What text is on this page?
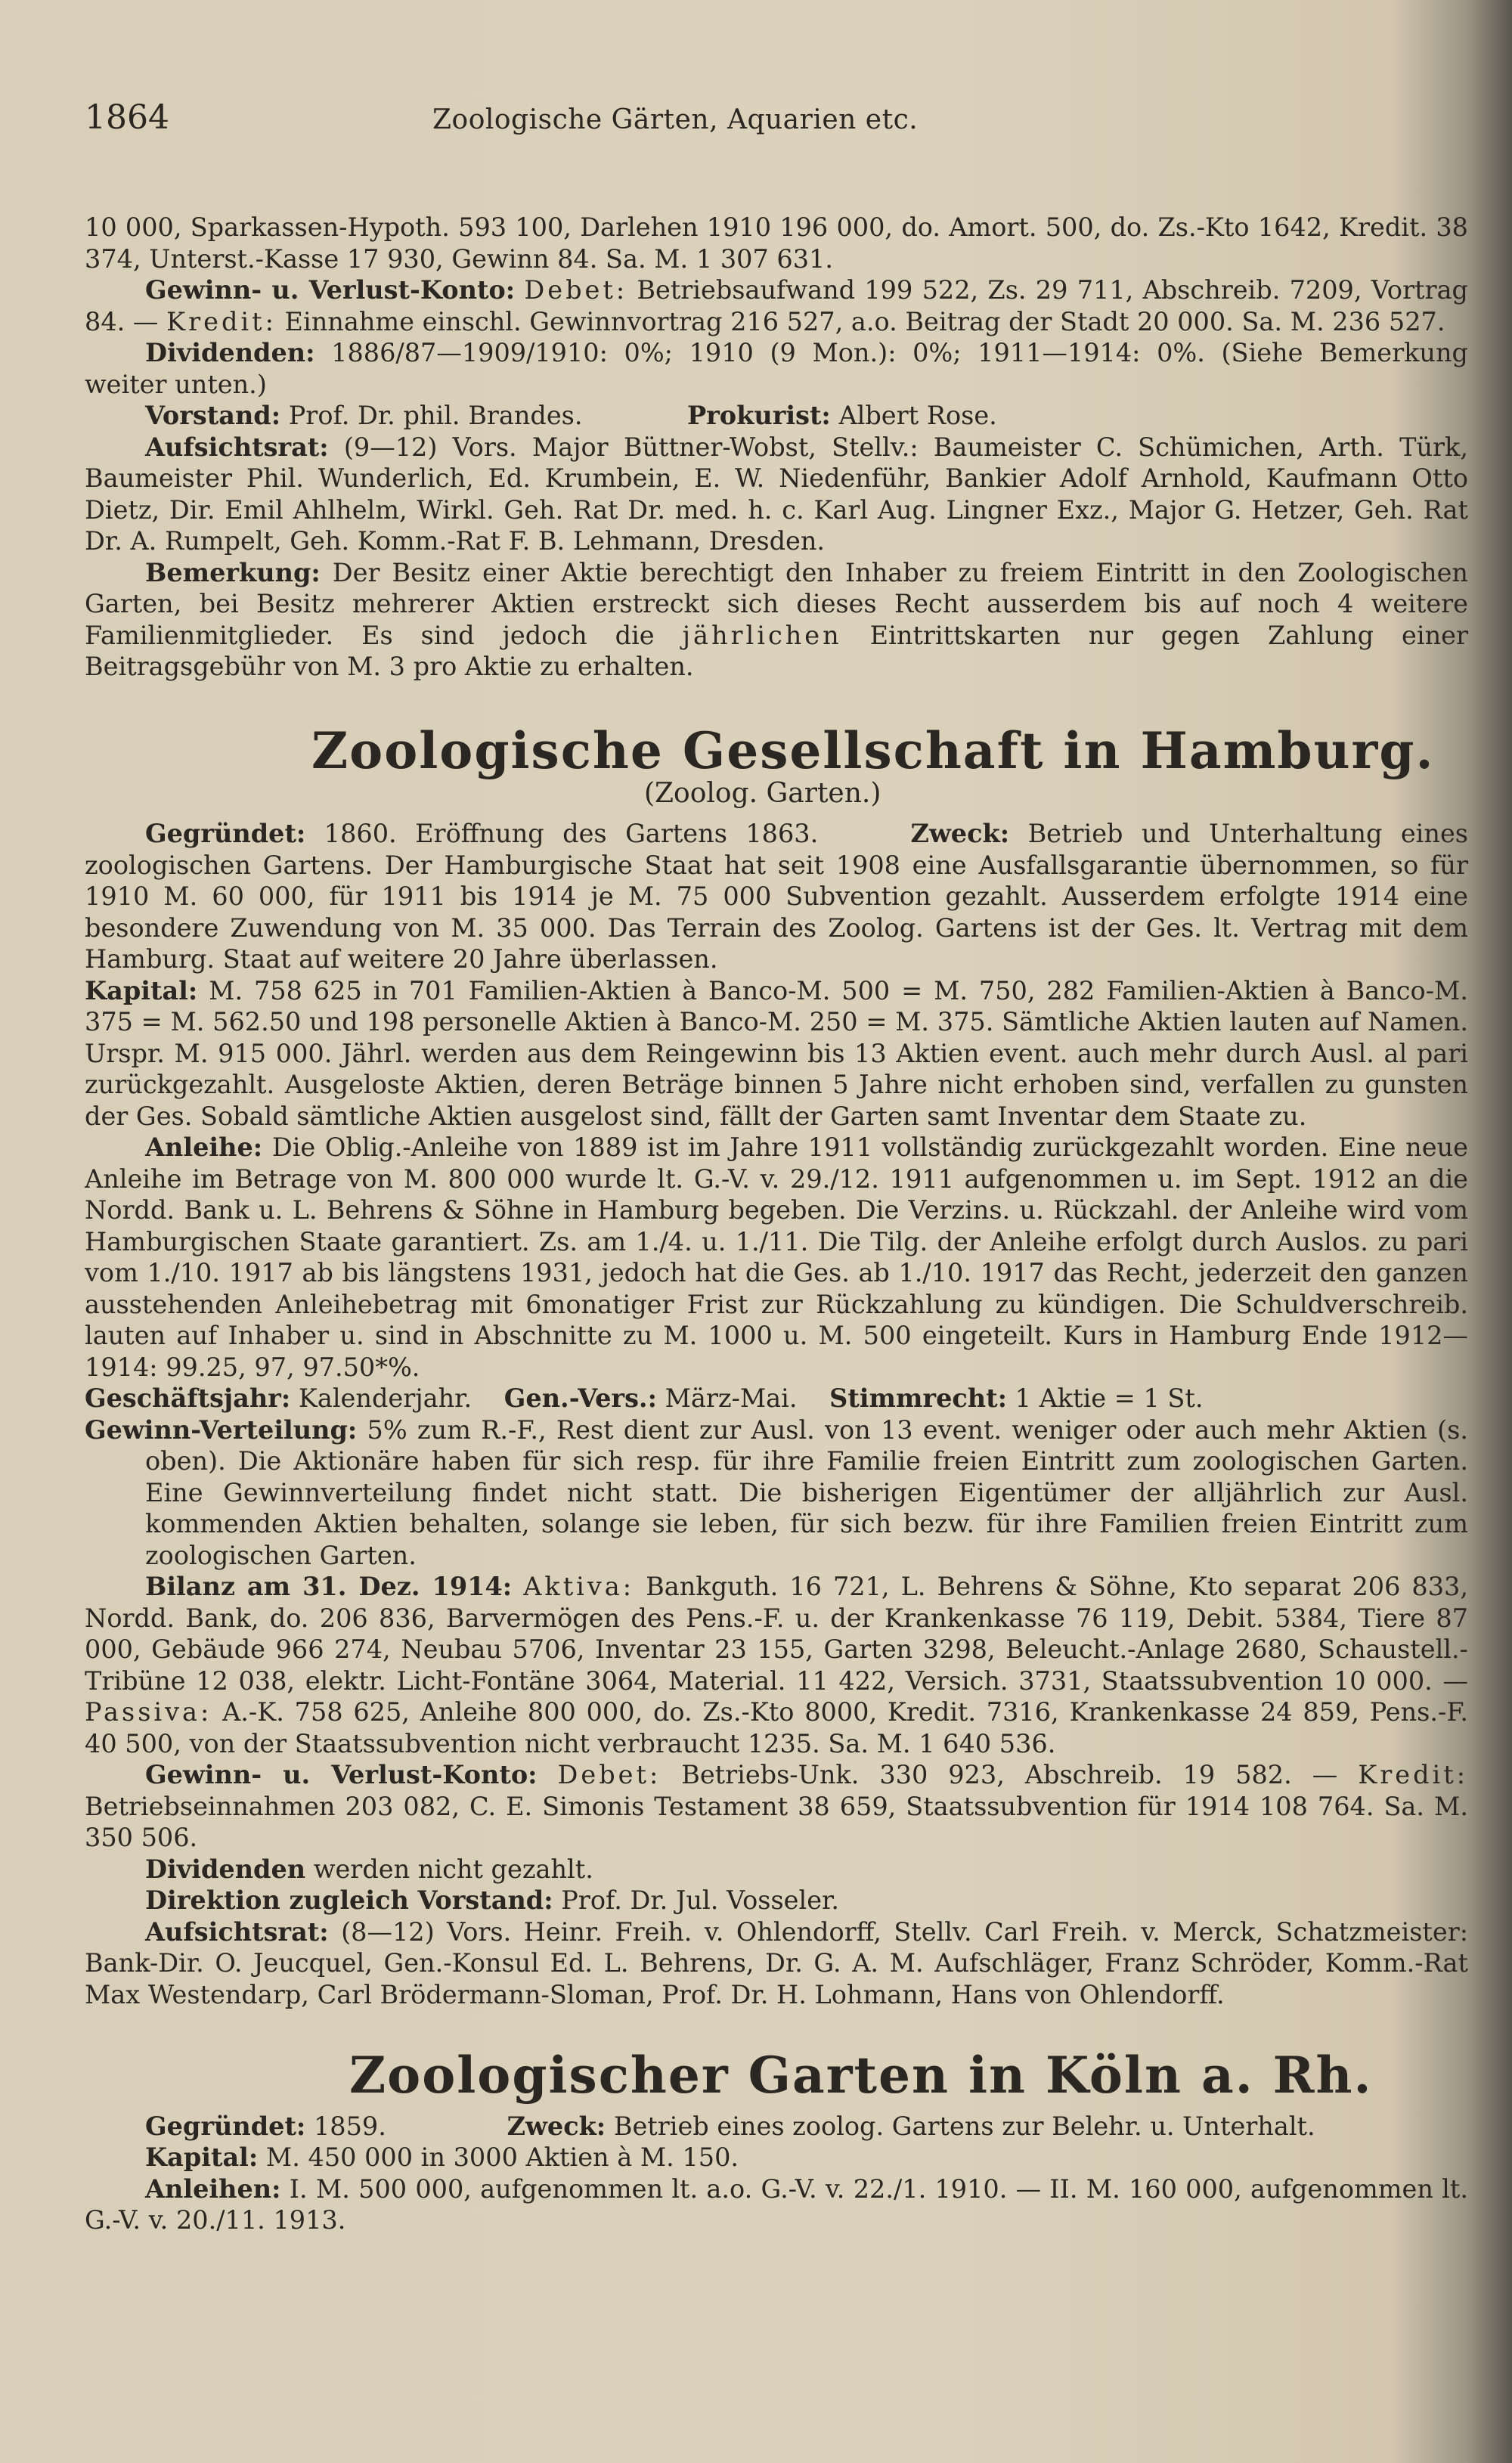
1864	Zoologische Gärten, Aquarien etc.

10 000, Sparkassen-Hypoth. 593 100, Darlehen 1910 196 000, do. Amort. 500, do. Zs.-Kto 1642, Kredit. 38 374, Unterst.-Kasse 17 930, Gewinn 84. Sa. M. 1 307 631.

Gewinn- u. Verlust-Konto: Debet: Betriebsaufwand 199 522, Zs. 29 711, Abschreib. 7209, Vortrag 84. — Kredit: Einnahme einschl. Gewinnvortrag 216 527, a.o. Beitrag der Stadt 20 000. Sa. M. 236 527.

Dividenden: 1886/87—1909/1910: 0%; 1910 (9 Mon.): 0%; 1911—1914: 0%. (Siehe Bemerkung weiter unten.)

Vorstand: Prof. Dr. phil. Brandes.	Prokurist: Albert Rose.

Aufsichtsrat: (9—12) Vors. Major Büttner-Wobst, Stellv.: Baumeister C. Schümichen, Arth. Türk, Baumeister Phil. Wunderlich, Ed. Krumbein, E. W. Niedenführ, Bankier Adolf Arnhold, Kaufmann Otto Dietz, Dir. Emil Ahlhelm, Wirkl. Geh. Rat Dr. med. h. c. Karl Aug. Lingner Exz., Major G. Hetzer, Geh. Rat Dr. A. Rumpelt, Geh. Komm.-Rat F. B. Lehmann, Dresden.

Bemerkung: Der Besitz einer Aktie berechtigt den Inhaber zu freiem Eintritt in den Zoologischen Garten, bei Besitz mehrerer Aktien erstreckt sich dieses Recht ausserdem bis auf noch 4 weitere Familienmitglieder. Es sind jedoch die jährlichen Eintrittskarten nur gegen Zahlung einer Beitragsgebühr von M. 3 pro Aktie zu erhalten.

Zoologische Gesellschaft in Hamburg.
(Zoolog. Garten.)

Gegründet: 1860. Eröffnung des Gartens 1863.	Zweck: Betrieb und Unterhaltung eines zoologischen Gartens. Der Hamburgische Staat hat seit 1908 eine Ausfallsgarantie übernommen, so für 1910 M. 60 000, für 1911 bis 1914 je M. 75 000 Subvention gezahlt. Ausserdem erfolgte 1914 eine besondere Zuwendung von M. 35 000. Das Terrain des Zoolog. Gartens ist der Ges. lt. Vertrag mit dem Hamburg. Staat auf weitere 20 Jahre überlassen.

Kapital: M. 758 625 in 701 Familien-Aktien à Banco-M. 500 = M. 750, 282 Familien-Aktien à Banco-M. 375 = M. 562.50 und 198 personelle Aktien à Banco-M. 250 = M. 375. Sämtliche Aktien lauten auf Namen. Urspr. M. 915 000. Jährl. werden aus dem Reingewinn bis 13 Aktien event. auch mehr durch Ausl. al pari zurückgezahlt. Ausgeloste Aktien, deren Beträge binnen 5 Jahre nicht erhoben sind, verfallen zu gunsten der Ges. Sobald sämtliche Aktien ausgelost sind, fällt der Garten samt Inventar dem Staate zu.

Anleihe: Die Oblig.-Anleihe von 1889 ist im Jahre 1911 vollständig zurückgezahlt worden. Eine neue Anleihe im Betrage von M. 800 000 wurde lt. G.-V. v. 29./12. 1911 aufgenommen u. im Sept. 1912 an die Nordd. Bank u. L. Behrens & Söhne in Hamburg begeben. Die Verzins. u. Rückzahl. der Anleihe wird vom Hamburgischen Staate garantiert. Zs. am 1./4. u. 1./11. Die Tilg. der Anleihe erfolgt durch Auslos. zu pari vom 1./10. 1917 ab bis längstens 1931, jedoch hat die Ges. ab 1./10. 1917 das Recht, jederzeit den ganzen ausstehenden Anleihebetrag mit 6monatiger Frist zur Rückzahlung zu kündigen. Die Schuldverschreib. lauten auf Inhaber u. sind in Abschnitte zu M. 1000 u. M. 500 eingeteilt. Kurs in Hamburg Ende 1912—1914: 99.25, 97, 97.50*%.

Geschäftsjahr: Kalenderjahr. Gen.-Vers.: März-Mai. Stimmrecht: 1 Aktie = 1 St.

Gewinn-Verteilung: 5% zum R.-F., Rest dient zur Ausl. von 13 event. weniger oder auch mehr Aktien (s. oben). Die Aktionäre haben für sich resp. für ihre Familie freien Eintritt zum zoologischen Garten. Eine Gewinnverteilung findet nicht statt. Die bisherigen Eigentümer der alljährlich zur Ausl. kommenden Aktien behalten, solange sie leben, für sich bezw. für ihre Familien freien Eintritt zum zoologischen Garten.

Bilanz am 31. Dez. 1914: Aktiva: Bankguth. 16 721, L. Behrens & Söhne, Kto separat 206 833, Nordd. Bank, do. 206 836, Barvermögen des Pens.-F. u. der Krankenkasse 76 119, Debit. 5384, Tiere 87 000, Gebäude 966 274, Neubau 5706, Inventar 23 155, Garten 3298, Beleucht.-Anlage 2680, Schaustell.-Tribüne 12 038, elektr. Licht-Fontäne 3064, Material. 11 422, Versich. 3731, Staatssubvention 10 000. — Passiva: A.-K. 758 625, Anleihe 800 000, do. Zs.-Kto 8000, Kredit. 7316, Krankenkasse 24 859, Pens.-F. 40 500, von der Staatssubvention nicht verbraucht 1235. Sa. M. 1 640 536.

Gewinn- u. Verlust-Konto: Debet: Betriebs-Unk. 330 923, Abschreib. 19 582. — Kredit: Betriebseinnahmen 203 082, C. E. Simonis Testament 38 659, Staatssubvention für 1914 108 764. Sa. M. 350 506.

Dividenden werden nicht gezahlt.

Direktion zugleich Vorstand: Prof. Dr. Jul. Vosseler.

Aufsichtsrat: (8—12) Vors. Heinr. Freih. v. Ohlendorff, Stellv. Carl Freih. v. Merck, Schatzmeister: Bank-Dir. O. Jeucquel, Gen.-Konsul Ed. L. Behrens, Dr. G. A. M. Aufschläger, Franz Schröder, Komm.-Rat Max Westendarp, Carl Brödermann-Sloman, Prof. Dr. H. Lohmann, Hans von Ohlendorff.

Zoologischer Garten in Köln a. Rh.

Gegründet: 1859.	Zweck: Betrieb eines zoolog. Gartens zur Belehr. u. Unterhalt.

Kapital: M. 450 000 in 3000 Aktien à M. 150.

Anleihen: I. M. 500 000, aufgenommen lt. a.o. G.-V. v. 22./1. 1910. — II. M. 160 000, aufgenommen lt. G.-V. v. 20./11. 1913.
